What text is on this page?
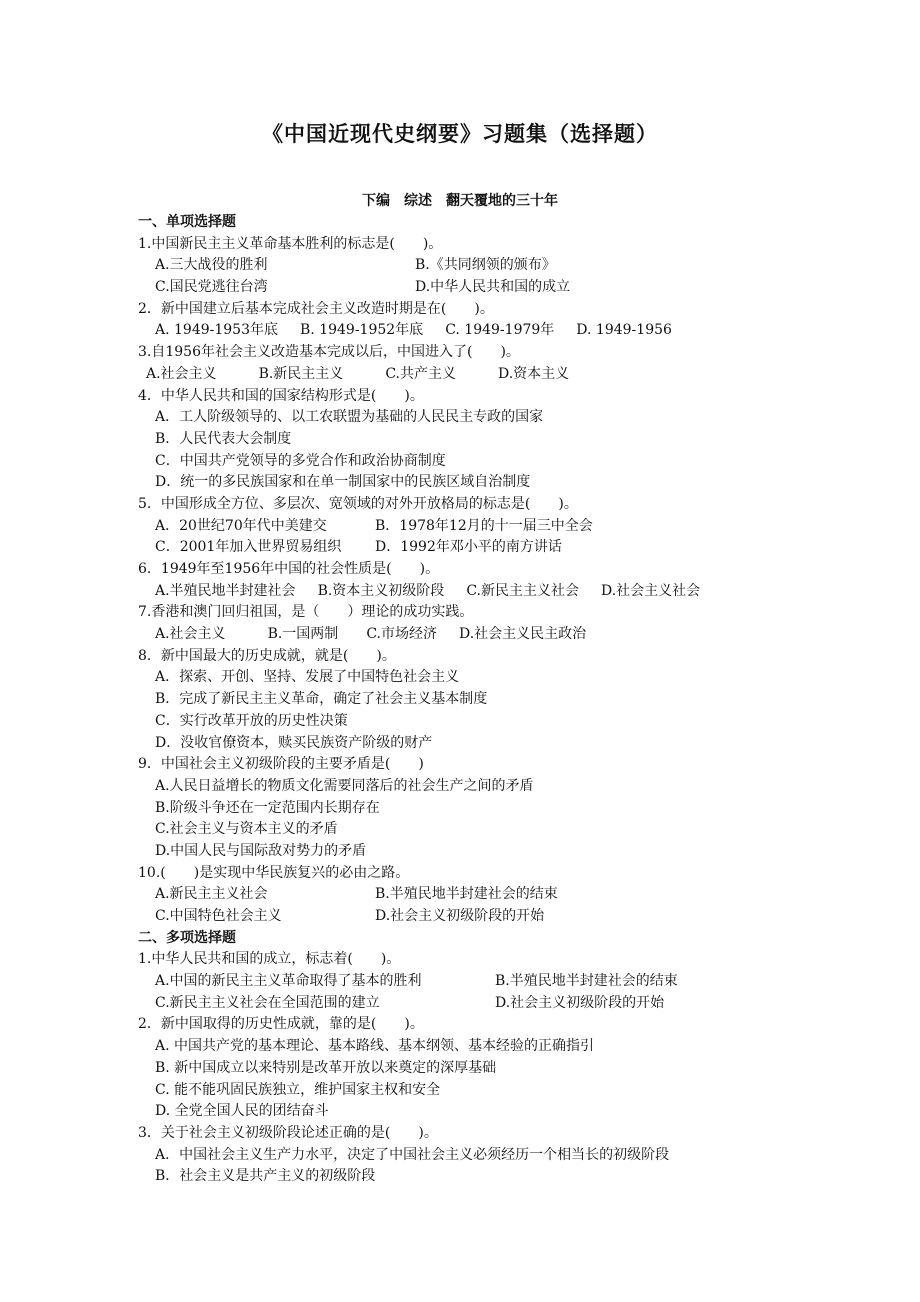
《中国近现代史纲要》习题集（选择题）
下编　综述　翻天覆地的三十年
一、单项选择题
1.中国新民主主义革命基本胜利的标志是(　　)。
A.三大战役的胜利	B.《共同纲领的颁布》
C.国民党逃往台湾	D.中华人民共和国的成立
2．新中国建立后基本完成社会主义改造时期是在(　　)。
A. 1949-1953年底 B. 1949-1952年底 C. 1949-1979年 D. 1949-1956
3.自1956年社会主义改造基本完成以后，中国进入了(　　)。
A.社会主义	B.新民主主义	C.共产主义	D.资本主义
4．中华人民共和国的国家结构形式是(　　)。
A．工人阶级领导的、以工农联盟为基础的人民民主专政的国家
B．人民代表大会制度
C．中国共产党领导的多党合作和政治协商制度
D．统一的多民族国家和在单一制国家中的民族区域自治制度
5．中国形成全方位、多层次、宽领域的对外开放格局的标志是(　　)。
A．20世纪70年代中美建交	B．1978年12月的十一届三中全会
C．2001年加入世界贸易组织	D．1992年邓小平的南方讲话
6．1949年至1956年中国的社会性质是(　　)。
A.半殖民地半封建社会 B.资本主义初级阶段 C.新民主主义社会 D.社会主义社会
7.香港和澳门回归祖国，是（　　）理论的成功实践。
A.社会主义	B.一国两制 C.市场经济 D.社会主义民主政治
8．新中国最大的历史成就，就是(　　)。
A．探索、开创、坚持、发展了中国特色社会主义
B．完成了新民主主义革命，确定了社会主义基本制度
C．实行改革开放的历史性决策
D．没收官僚资本，赎买民族资产阶级的财产
9．中国社会主义初级阶段的主要矛盾是(　　)
A.人民日益增长的物质文化需要同落后的社会生产之间的矛盾
B.阶级斗争还在一定范围内长期存在
C.社会主义与资本主义的矛盾
D.中国人民与国际敌对势力的矛盾
10.(　　)是实现中华民族复兴的必由之路。
A.新民主主义社会	B.半殖民地半封建社会的结束
C.中国特色社会主义	D.社会主义初级阶段的开始
二、多项选择题
1.中华人民共和国的成立，标志着(　　)。
A.中国的新民主主义革命取得了基本的胜利	B.半殖民地半封建社会的结束
C.新民主主义社会在全国范围的建立	D.社会主义初级阶段的开始
2．新中国取得的历史性成就，靠的是(　　)。
A. 中国共产党的基本理论、基本路线、基本纲领、基本经验的正确指引
B. 新中国成立以来特别是改革开放以来奠定的深厚基础
C. 能不能巩固民族独立，维护国家主权和安全
D. 全党全国人民的团结奋斗
3．关于社会主义初级阶段论述正确的是(　　)。
A．中国社会主义生产力水平，决定了中国社会主义必须经历一个相当长的初级阶段
B．社会主义是共产主义的初级阶段
